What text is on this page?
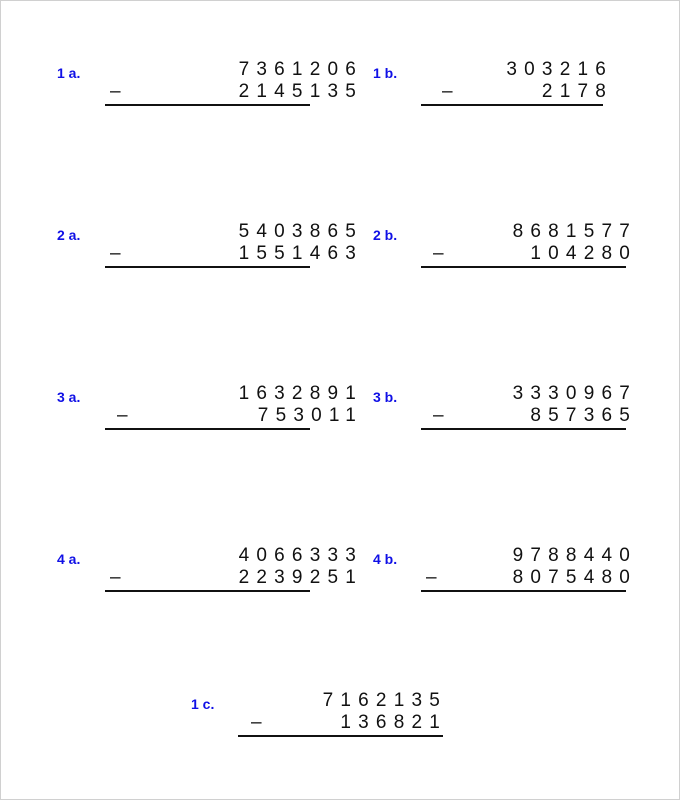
1 a.	7361206
–	2145135
1 b.	303216
–	2178
2 a.	5403865
–	1551463
2 b.	8681577
–	104280
3 a.	1632891
–	753011
3 b.	3330967
–	857365
4 a.	4066333
–	2239251
4 b.	9788440
–	8075480
1 c.	7162135
–	136821
